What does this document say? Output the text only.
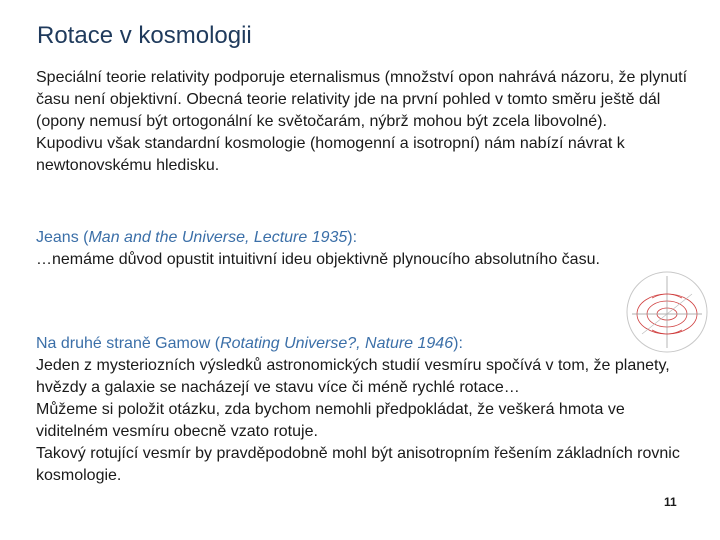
Rotace v kosmologii
Speciální teorie relativity podporuje eternalismus (množství opon nahrává názoru, že plynutí času není objektivní. Obecná teorie relativity jde na první pohled v tomto směru ještě dál (opony nemusí být ortogonální ke světočarám, nýbrž mohou být zcela libovolné).
Kupodivu však standardní kosmologie (homogenní a isotropní) nám nabízí návrat k newtonovskému hledisku.
Jeans (Man and the Universe, Lecture 1935):
…nemáme důvod opustit intuitivní ideu objektivně plynoucího absolutního času.
Na druhé straně Gamow (Rotating Universe?, Nature 1946):
Jeden z mysteriozních výsledků astronomických studií vesmíru spočívá v tom, že planety, hvězdy a galaxie se nacházejí ve stavu více či méně rychlé rotace…
Můžeme si položit otázku, zda bychom nemohli předpokládat, že veškerá hmota ve viditelném vesmíru obecně vzato rotuje.
Takový rotující vesmír by pravděpodobně mohl být anisotropním řešením základních rovnic kosmologie.
11
